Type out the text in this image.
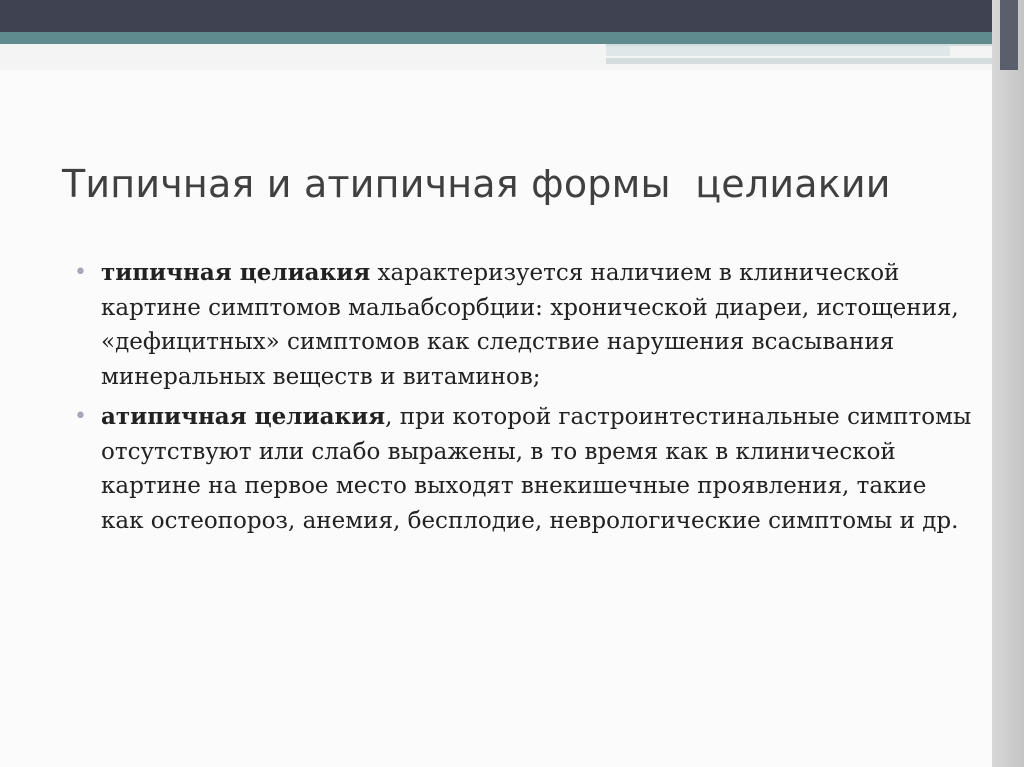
Типичная и атипичная формы  целиакии
• типичная целиакия характеризуется наличием в клинической картине симптомов мальабсорбции: хронической диареи, истощения, «дефицитных» симптомов как следствие нарушения всасывания минеральных веществ и витаминов;
• атипичная целиакия, при которой гастроинтестинальные симптомы отсутствуют или слабо выражены, в то время как в клинической картине на первое место выходят внекишечные проявления, такие как остеопороз, анемия, бесплодие, неврологические симптомы и др.
